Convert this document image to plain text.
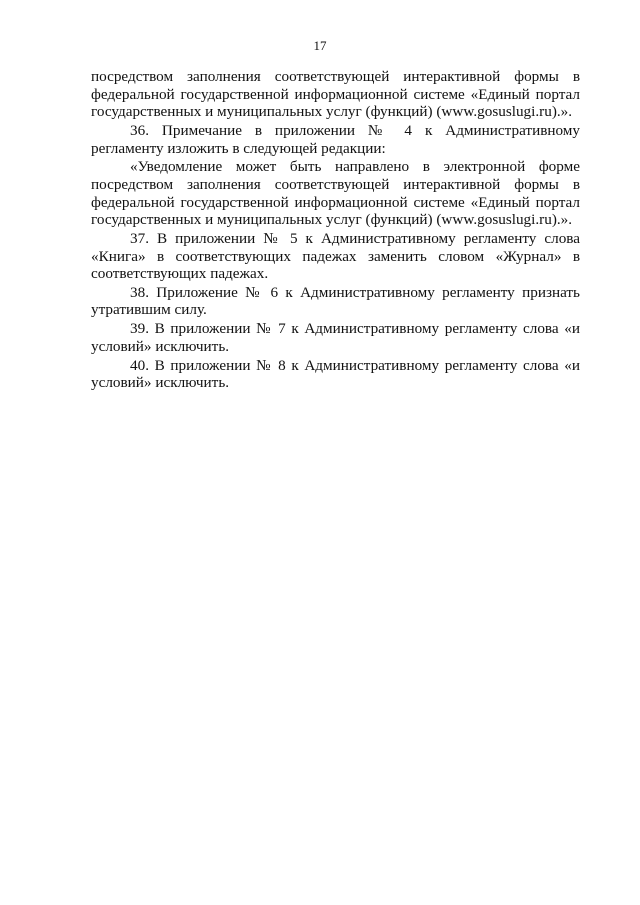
17

посредством заполнения соответствующей интерактивной формы в федеральной государственной информационной системе «Единый портал государственных и муниципальных услуг (функций) (www.gosuslugi.ru).».

36. Примечание в приложении № 4 к Административному регламенту изложить в следующей редакции:

«Уведомление может быть направлено в электронной форме посредством заполнения соответствующей интерактивной формы в федеральной государственной информационной системе «Единый портал государственных и муниципальных услуг (функций) (www.gosuslugi.ru).».

37. В приложении № 5 к Административному регламенту слова «Книга» в соответствующих падежах заменить словом «Журнал» в соответствующих падежах.

38. Приложение № 6 к Административному регламенту признать утратившим силу.

39. В приложении № 7 к Административному регламенту слова «и условий» исключить.

40. В приложении № 8 к Административному регламенту слова «и условий» исключить.
